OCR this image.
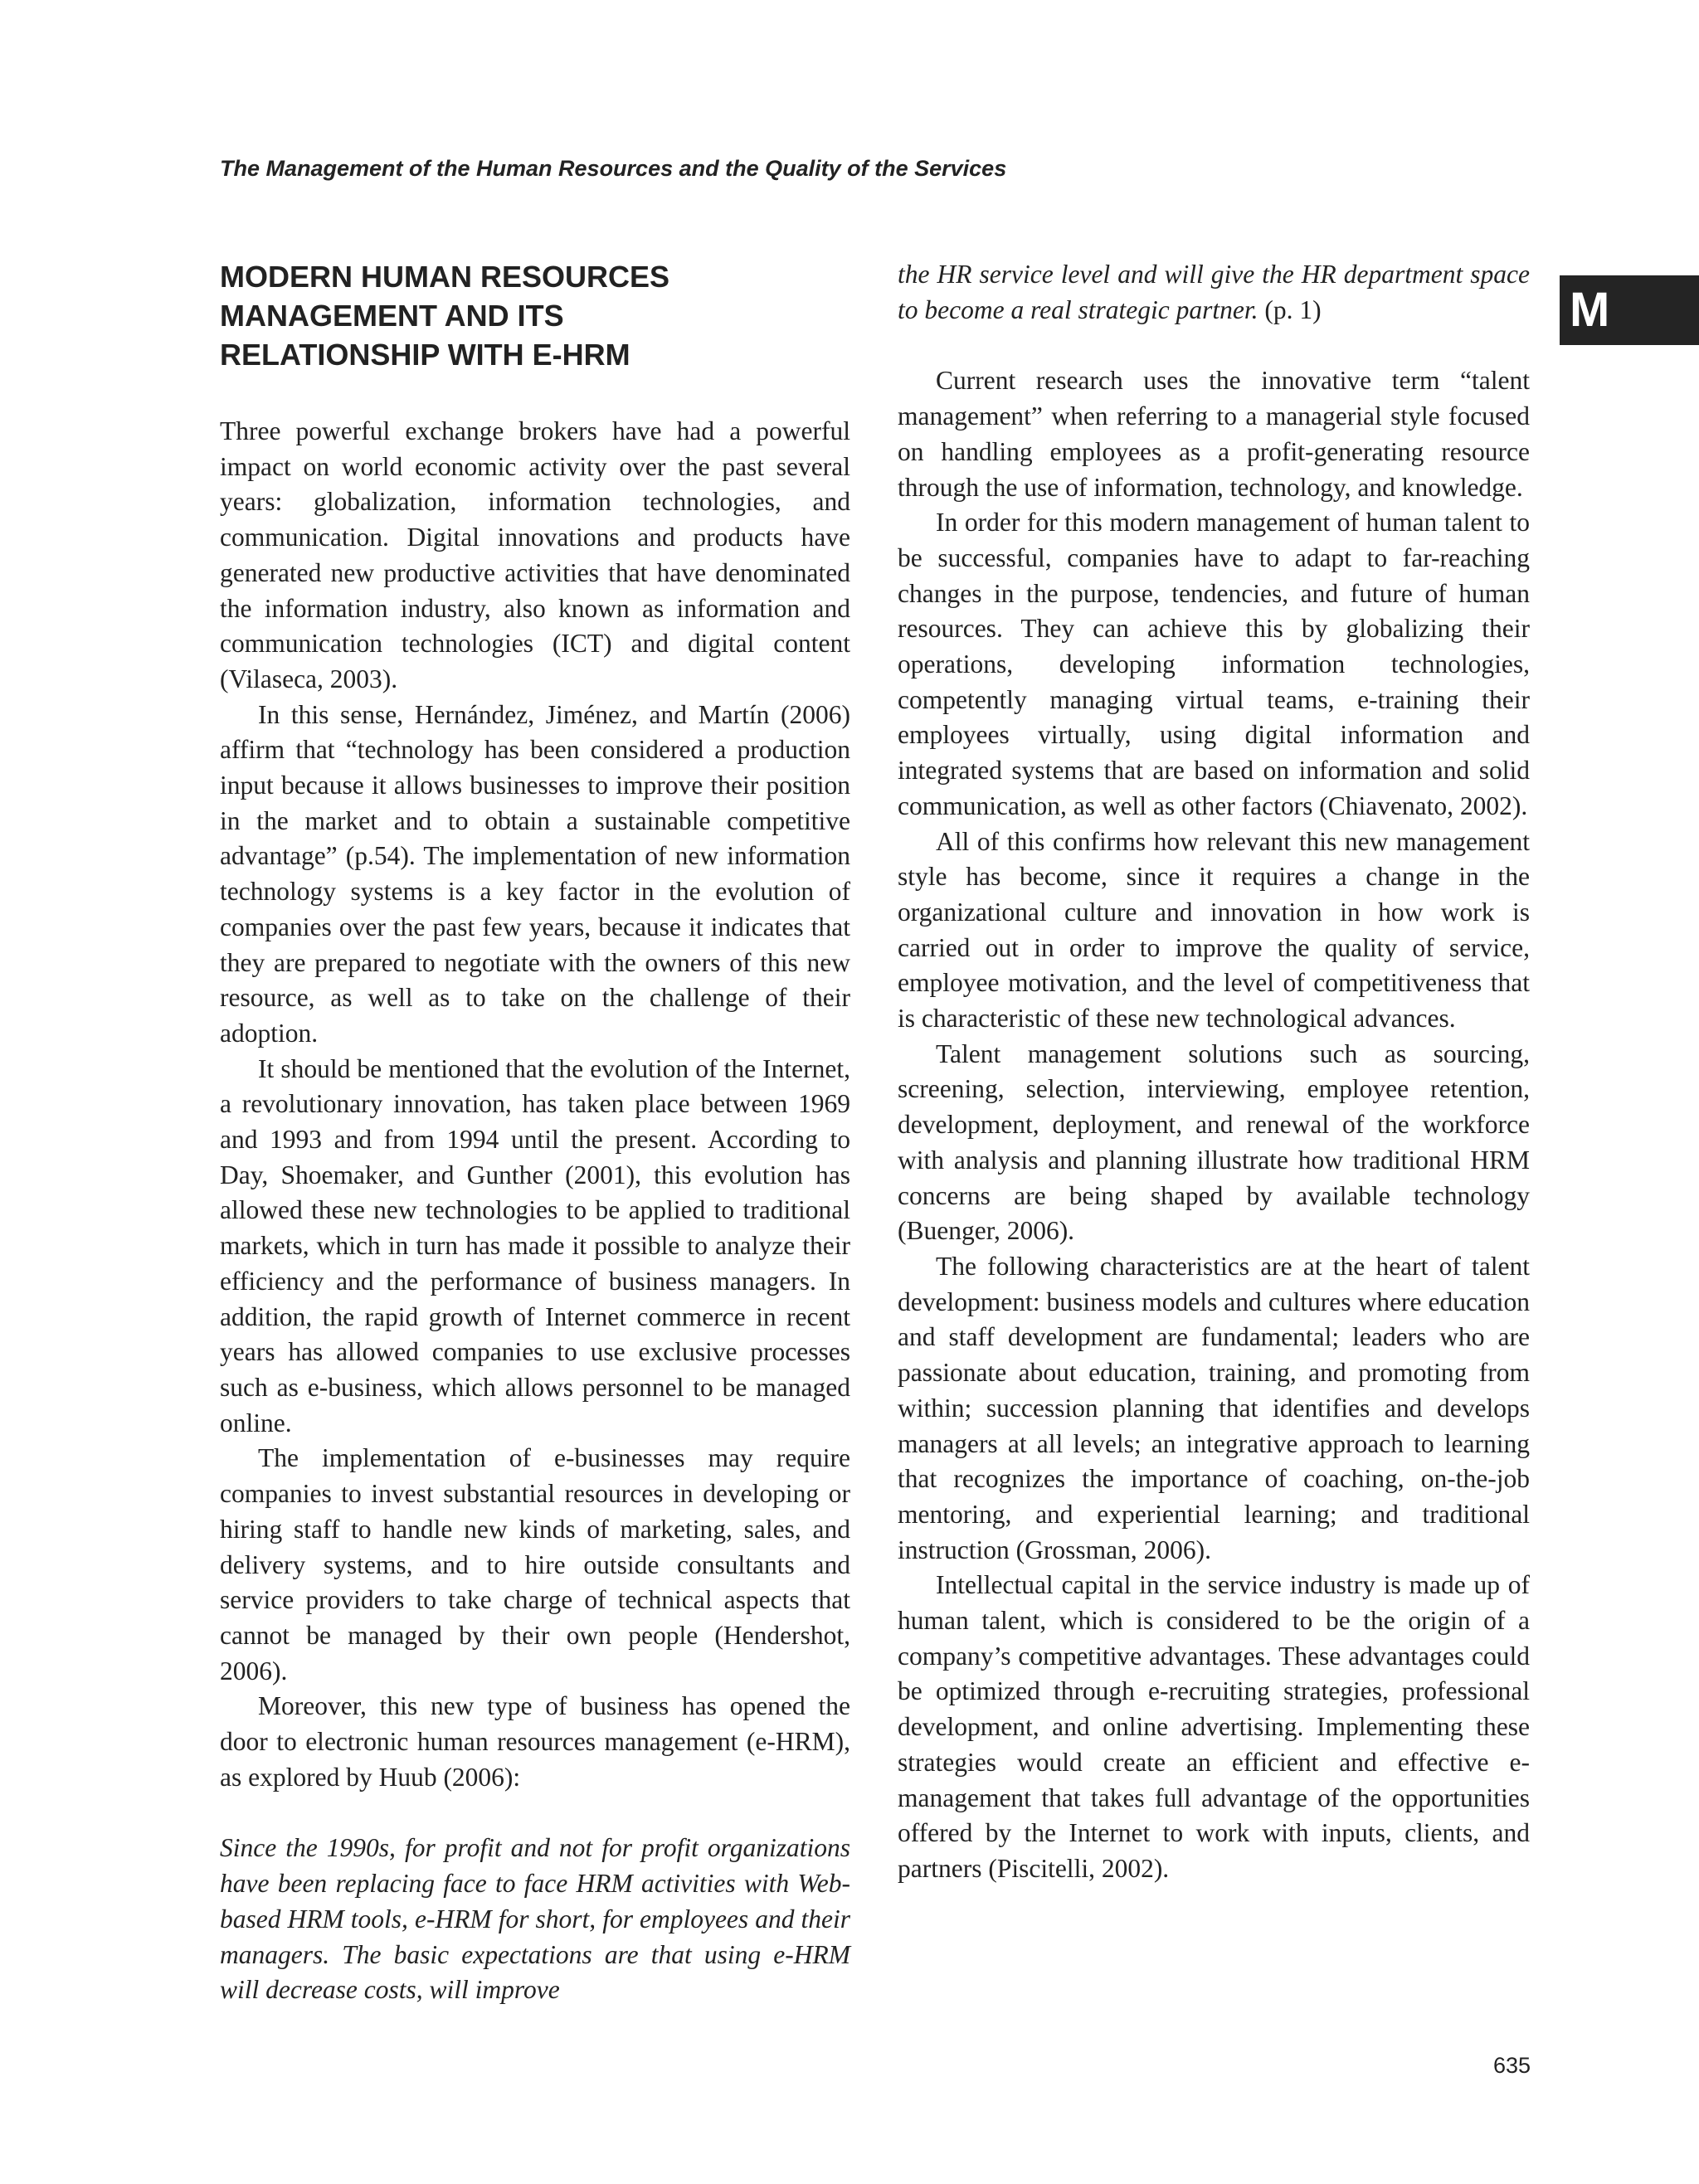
The Management of the Human Resources and the Quality of the Services
M
MODERN HUMAN RESOURCES
MANAGEMENT AND ITS
RELATIONSHIP WITH E-HRM

Three powerful exchange brokers have had a powerful impact on world economic activity over the past several years: globalization, information technologies, and communication. Digital innovations and products have generated new productive activities that have denominated the information industry, also known as information and communication technologies (ICT) and digital content (Vilaseca, 2003).

In this sense, Hernández, Jiménez, and Martín (2006) affirm that “technology has been considered a production input because it allows businesses to improve their position in the market and to obtain a sustainable competitive advantage” (p.54). The implementation of new information technology systems is a key factor in the evolution of companies over the past few years, because it indicates that they are prepared to negotiate with the owners of this new resource, as well as to take on the challenge of their adoption.

It should be mentioned that the evolution of the Internet, a revolutionary innovation, has taken place between 1969 and 1993 and from 1994 until the present. According to Day, Shoemaker, and Gunther (2001), this evolution has allowed these new technologies to be applied to traditional markets, which in turn has made it possible to analyze their efficiency and the performance of business managers. In addition, the rapid growth of Internet commerce in recent years has allowed companies to use exclusive processes such as e-business, which allows personnel to be managed online.

The implementation of e-businesses may require companies to invest substantial resources in developing or hiring staff to handle new kinds of marketing, sales, and delivery systems, and to hire outside consultants and service providers to take charge of technical aspects that cannot be managed by their own people (Hendershot, 2006).

Moreover, this new type of business has opened the door to electronic human resources management (e-HRM), as explored by Huub (2006):

Since the 1990s, for profit and not for profit organizations have been replacing face to face HRM activities with Web-based HRM tools, e-HRM for short, for employees and their managers. The basic expectations are that using e-HRM will decrease costs, will improve

the HR service level and will give the HR department space to become a real strategic partner. (p. 1)

Current research uses the innovative term “talent management” when referring to a managerial style focused on handling employees as a profit-generating resource through the use of information, technology, and knowledge.

In order for this modern management of human talent to be successful, companies have to adapt to far-reaching changes in the purpose, tendencies, and future of human resources. They can achieve this by globalizing their operations, developing information technologies, competently managing virtual teams, e-training their employees virtually, using digital information and integrated systems that are based on information and solid communication, as well as other factors (Chiavenato, 2002).

All of this confirms how relevant this new management style has become, since it requires a change in the organizational culture and innovation in how work is carried out in order to improve the quality of service, employee motivation, and the level of competitiveness that is characteristic of these new technological advances.

Talent management solutions such as sourcing, screening, selection, interviewing, employee retention, development, deployment, and renewal of the workforce with analysis and planning illustrate how traditional HRM concerns are being shaped by available technology (Buenger, 2006).

The following characteristics are at the heart of talent development: business models and cultures where education and staff development are fundamental; leaders who are passionate about education, training, and promoting from within; succession planning that identifies and develops managers at all levels; an integrative approach to learning that recognizes the importance of coaching, on-the-job mentoring, and experiential learning; and traditional instruction (Grossman, 2006).

Intellectual capital in the service industry is made up of human talent, which is considered to be the origin of a company’s competitive advantages. These advantages could be optimized through e-recruiting strategies, professional development, and online advertising. Implementing these strategies would create an efficient and effective e-management that takes full advantage of the opportunities offered by the Internet to work with inputs, clients, and partners (Piscitelli, 2002).

635
